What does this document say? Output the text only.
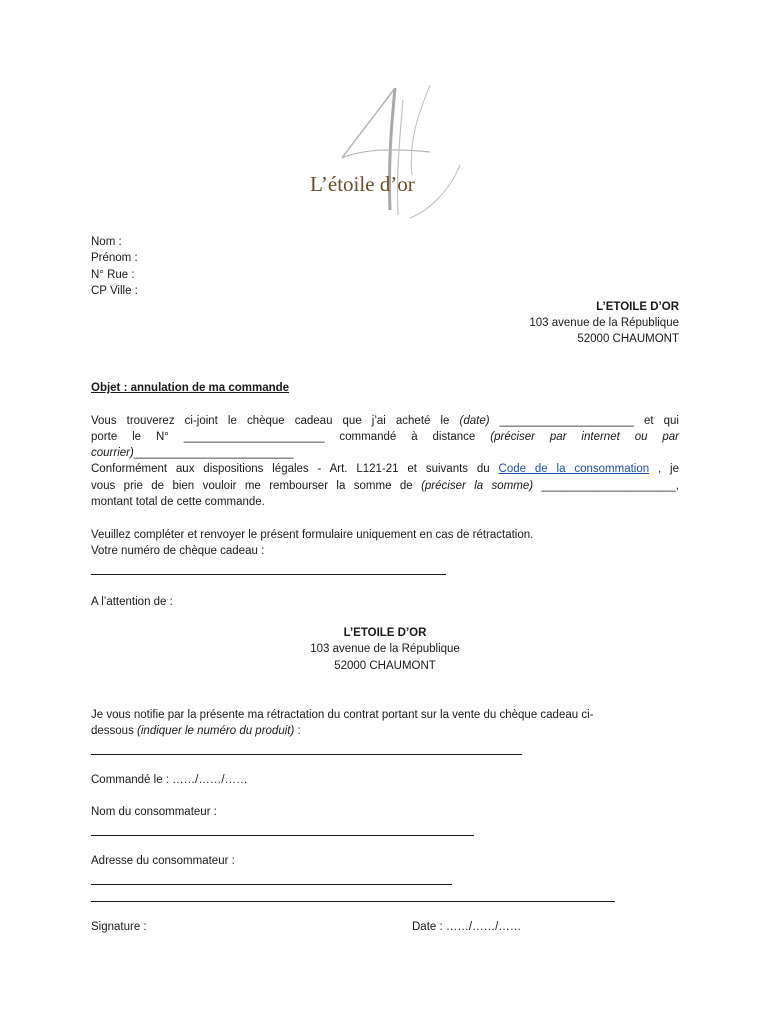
L’étoile d’or
Nom :
Prénom :
N° Rue :
CP Ville :
L’ETOILE D’OR
103 avenue de la République
52000 CHAUMONT
Objet : annulation de ma commande
Vous trouverez ci-joint le chèque cadeau que j’ai acheté le (date) _____________________ et qui
porte le N° ______________________ commandé à distance (préciser par internet ou par
courrier)_________________________
Conformément aux dispositions légales - Art. L121-21 et suivants du Code de la consommation , je
vous prie de bien vouloir me rembourser la somme de (préciser la somme) _____________________,
montant total de cette commande.
Veuillez compléter et renvoyer le présent formulaire uniquement en cas de rétractation.
Votre numéro de chèque cadeau :
A l’attention de :
L’ETOILE D’OR
103 avenue de la République
52000 CHAUMONT
Je vous notifie par la présente ma rétractation du contrat portant sur la vente du chèque cadeau ci-
dessous (indiquer le numéro du produit) :
Commandé le : ……/……/……
Nom du consommateur :
Adresse du consommateur :
Signature :	Date : ……/……/……
